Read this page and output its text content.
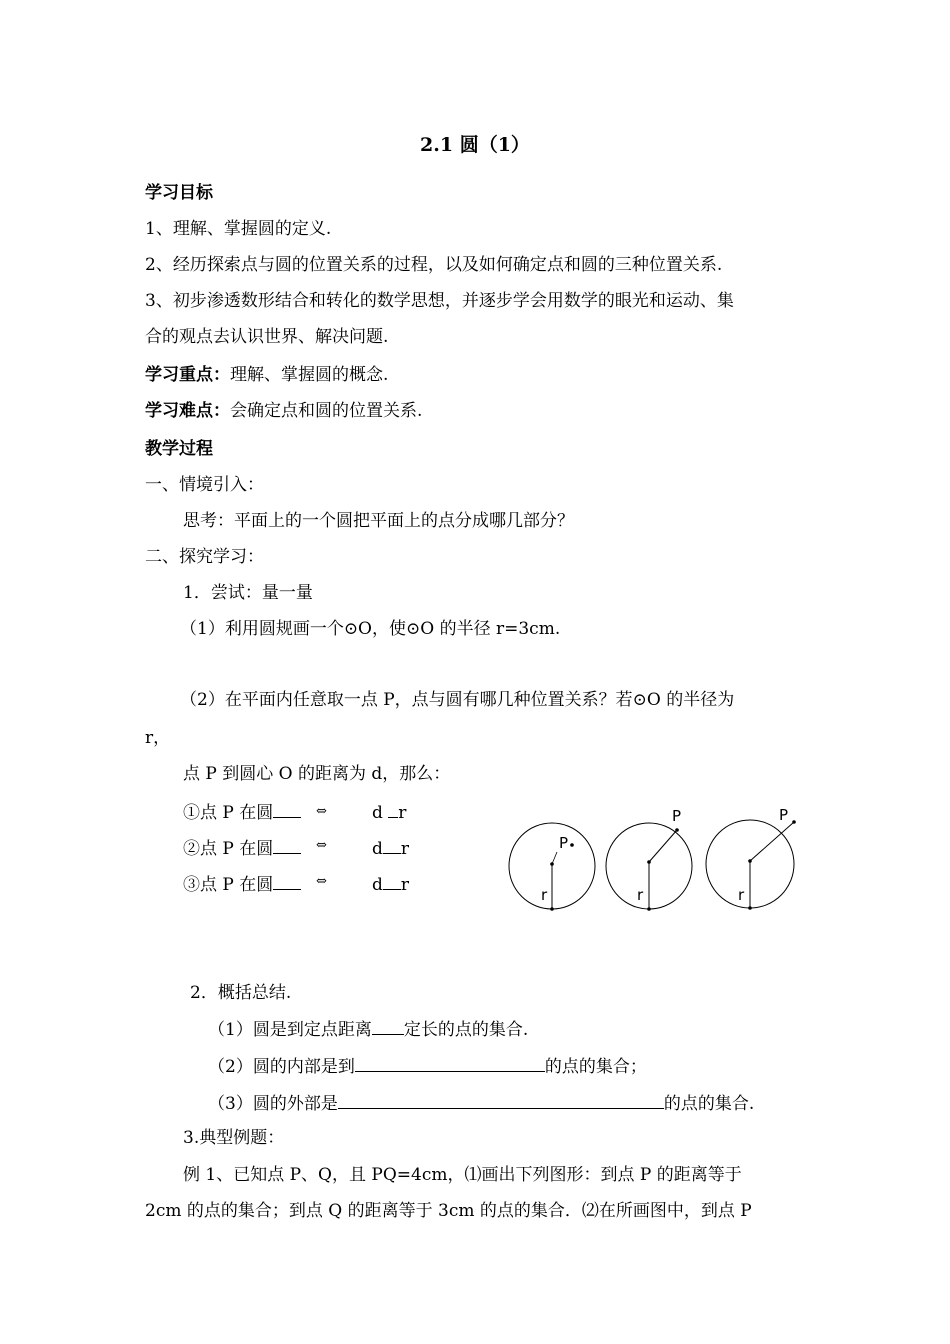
2.1 圆（1）
学习目标
1、理解、掌握圆的定义.
2、经历探索点与圆的位置关系的过程，以及如何确定点和圆的三种位置关系.
3、初步渗透数形结合和转化的数学思想，并逐步学会用数学的眼光和运动、集
合的观点去认识世界、解决问题.
学习重点：理解、掌握圆的概念.
学习难点：会确定点和圆的位置关系.
教学过程
一、情境引入：
思考：平面上的一个圆把平面上的点分成哪几部分？
二、探究学习：
1．尝试：量一量
（1）利用圆规画一个⊙O，使⊙O 的半径 r=3cm.
（2）在平面内任意取一点 P，点与圆有哪几种位置关系？若⊙O 的半径为
r，
点 P 到圆心 O 的距离为 d，那么：
①点 P 在圆	⇔	d r
②点 P 在圆	⇔	d r
③点 P 在圆	⇔	d r
P
r
P
r
P
r
2．概括总结.
（1）圆是到定点距离 定长的点的集合.
（2）圆的内部是到	的点的集合；
（3）圆的外部是	的点的集合.
3.典型例题：
例 1、已知点 P、Q，且 PQ=4cm，⑴画出下列图形：到点 P 的距离等于
2cm 的点的集合；到点 Q 的距离等于 3cm 的点的集合．⑵在所画图中，到点 P
